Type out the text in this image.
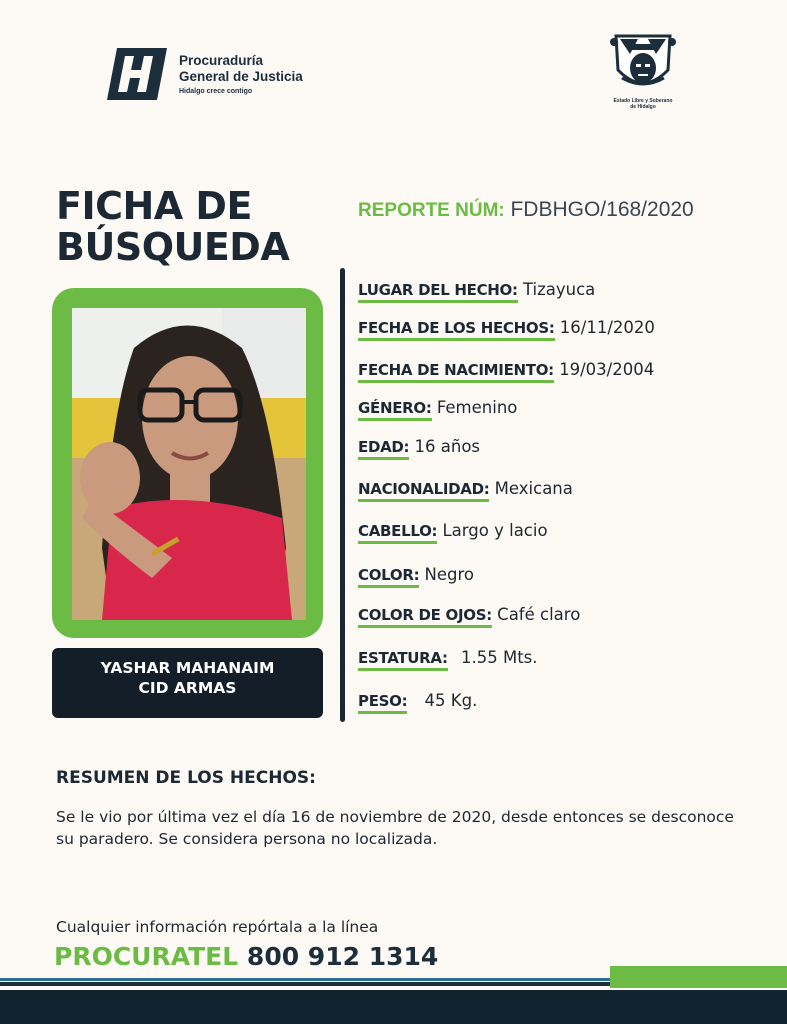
Procuraduría
General de Justicia
Hidalgo crece contigo
Estado Libre y Soberano
de Hidalgo
FICHA DE
BÚSQUEDA
REPORTE NÚM: FDBHGO/168/2020
YASHAR MAHANAIM
CID ARMAS
LUGAR DEL HECHO: Tizayuca
FECHA DE LOS HECHOS: 16/11/2020
FECHA DE NACIMIENTO: 19/03/2004
GÉNERO: Femenino
EDAD: 16 años
NACIONALIDAD: Mexicana
CABELLO: Largo y lacio
COLOR: Negro
COLOR DE OJOS: Café claro
ESTATURA: 1.55 Mts.
PESO: 45 Kg.
RESUMEN DE LOS HECHOS:
Se le vio por última vez el día 16 de noviembre de 2020, desde entonces se desconoce su paradero. Se considera persona no localizada.
Cualquier información repórtala a la línea
PROCURATEL 800 912 1314
